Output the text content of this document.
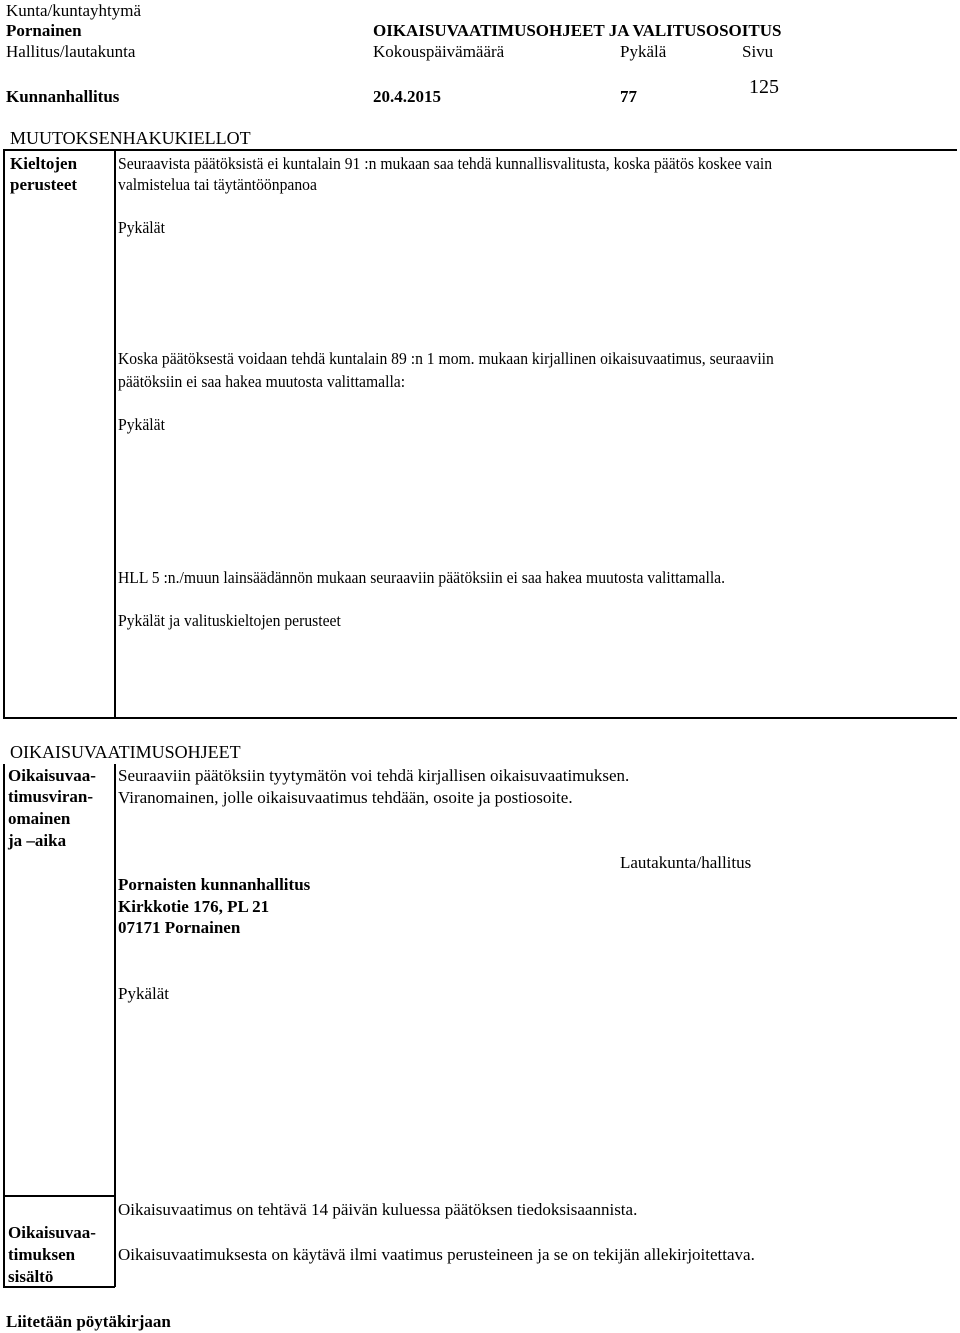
Kunta/kuntayhtymä
Pornainen	OIKAISUVAATIMUSOHJEET JA VALITUSOSOITUS
Hallitus/lautakunta	Kokouspäivämäärä	Pykälä	Sivu
Kunnanhallitus	20.4.2015	77	125
MUUTOKSENHAKUKIELLOT
Kieltojen
perusteet
Seuraavista päätöksistä ei kuntalain 91 :n mukaan saa tehdä kunnallisvalitusta, koska päätös koskee vain
valmistelua tai täytäntöönpanoa
Pykälät
Koska päätöksestä voidaan tehdä kuntalain 89 :n 1 mom. mukaan kirjallinen oikaisuvaatimus, seuraaviin
päätöksiin ei saa hakea muutosta valittamalla:
Pykälät
HLL 5 :n./muun lainsäädännön mukaan seuraaviin päätöksiin ei saa hakea muutosta valittamalla.
Pykälät ja valituskieltojen perusteet
OIKAISUVAATIMUSOHJEET
Oikaisuvaa-
timusviran-
omainen
ja –aika
Seuraaviin päätöksiin tyytymätön voi tehdä kirjallisen oikaisuvaatimuksen.
Viranomainen, jolle oikaisuvaatimus tehdään, osoite ja postiosoite.
Lautakunta/hallitus
Pornaisten kunnanhallitus
Kirkkotie 176, PL 21
07171 Pornainen
Pykälät
Oikaisuvaatimus on tehtävä 14 päivän kuluessa päätöksen tiedoksisaannista.
Oikaisuvaa-
timuksen
sisältö
Oikaisuvaatimuksesta on käytävä ilmi vaatimus perusteineen ja se on tekijän allekirjoitettava.
Liitetään pöytäkirjaan
